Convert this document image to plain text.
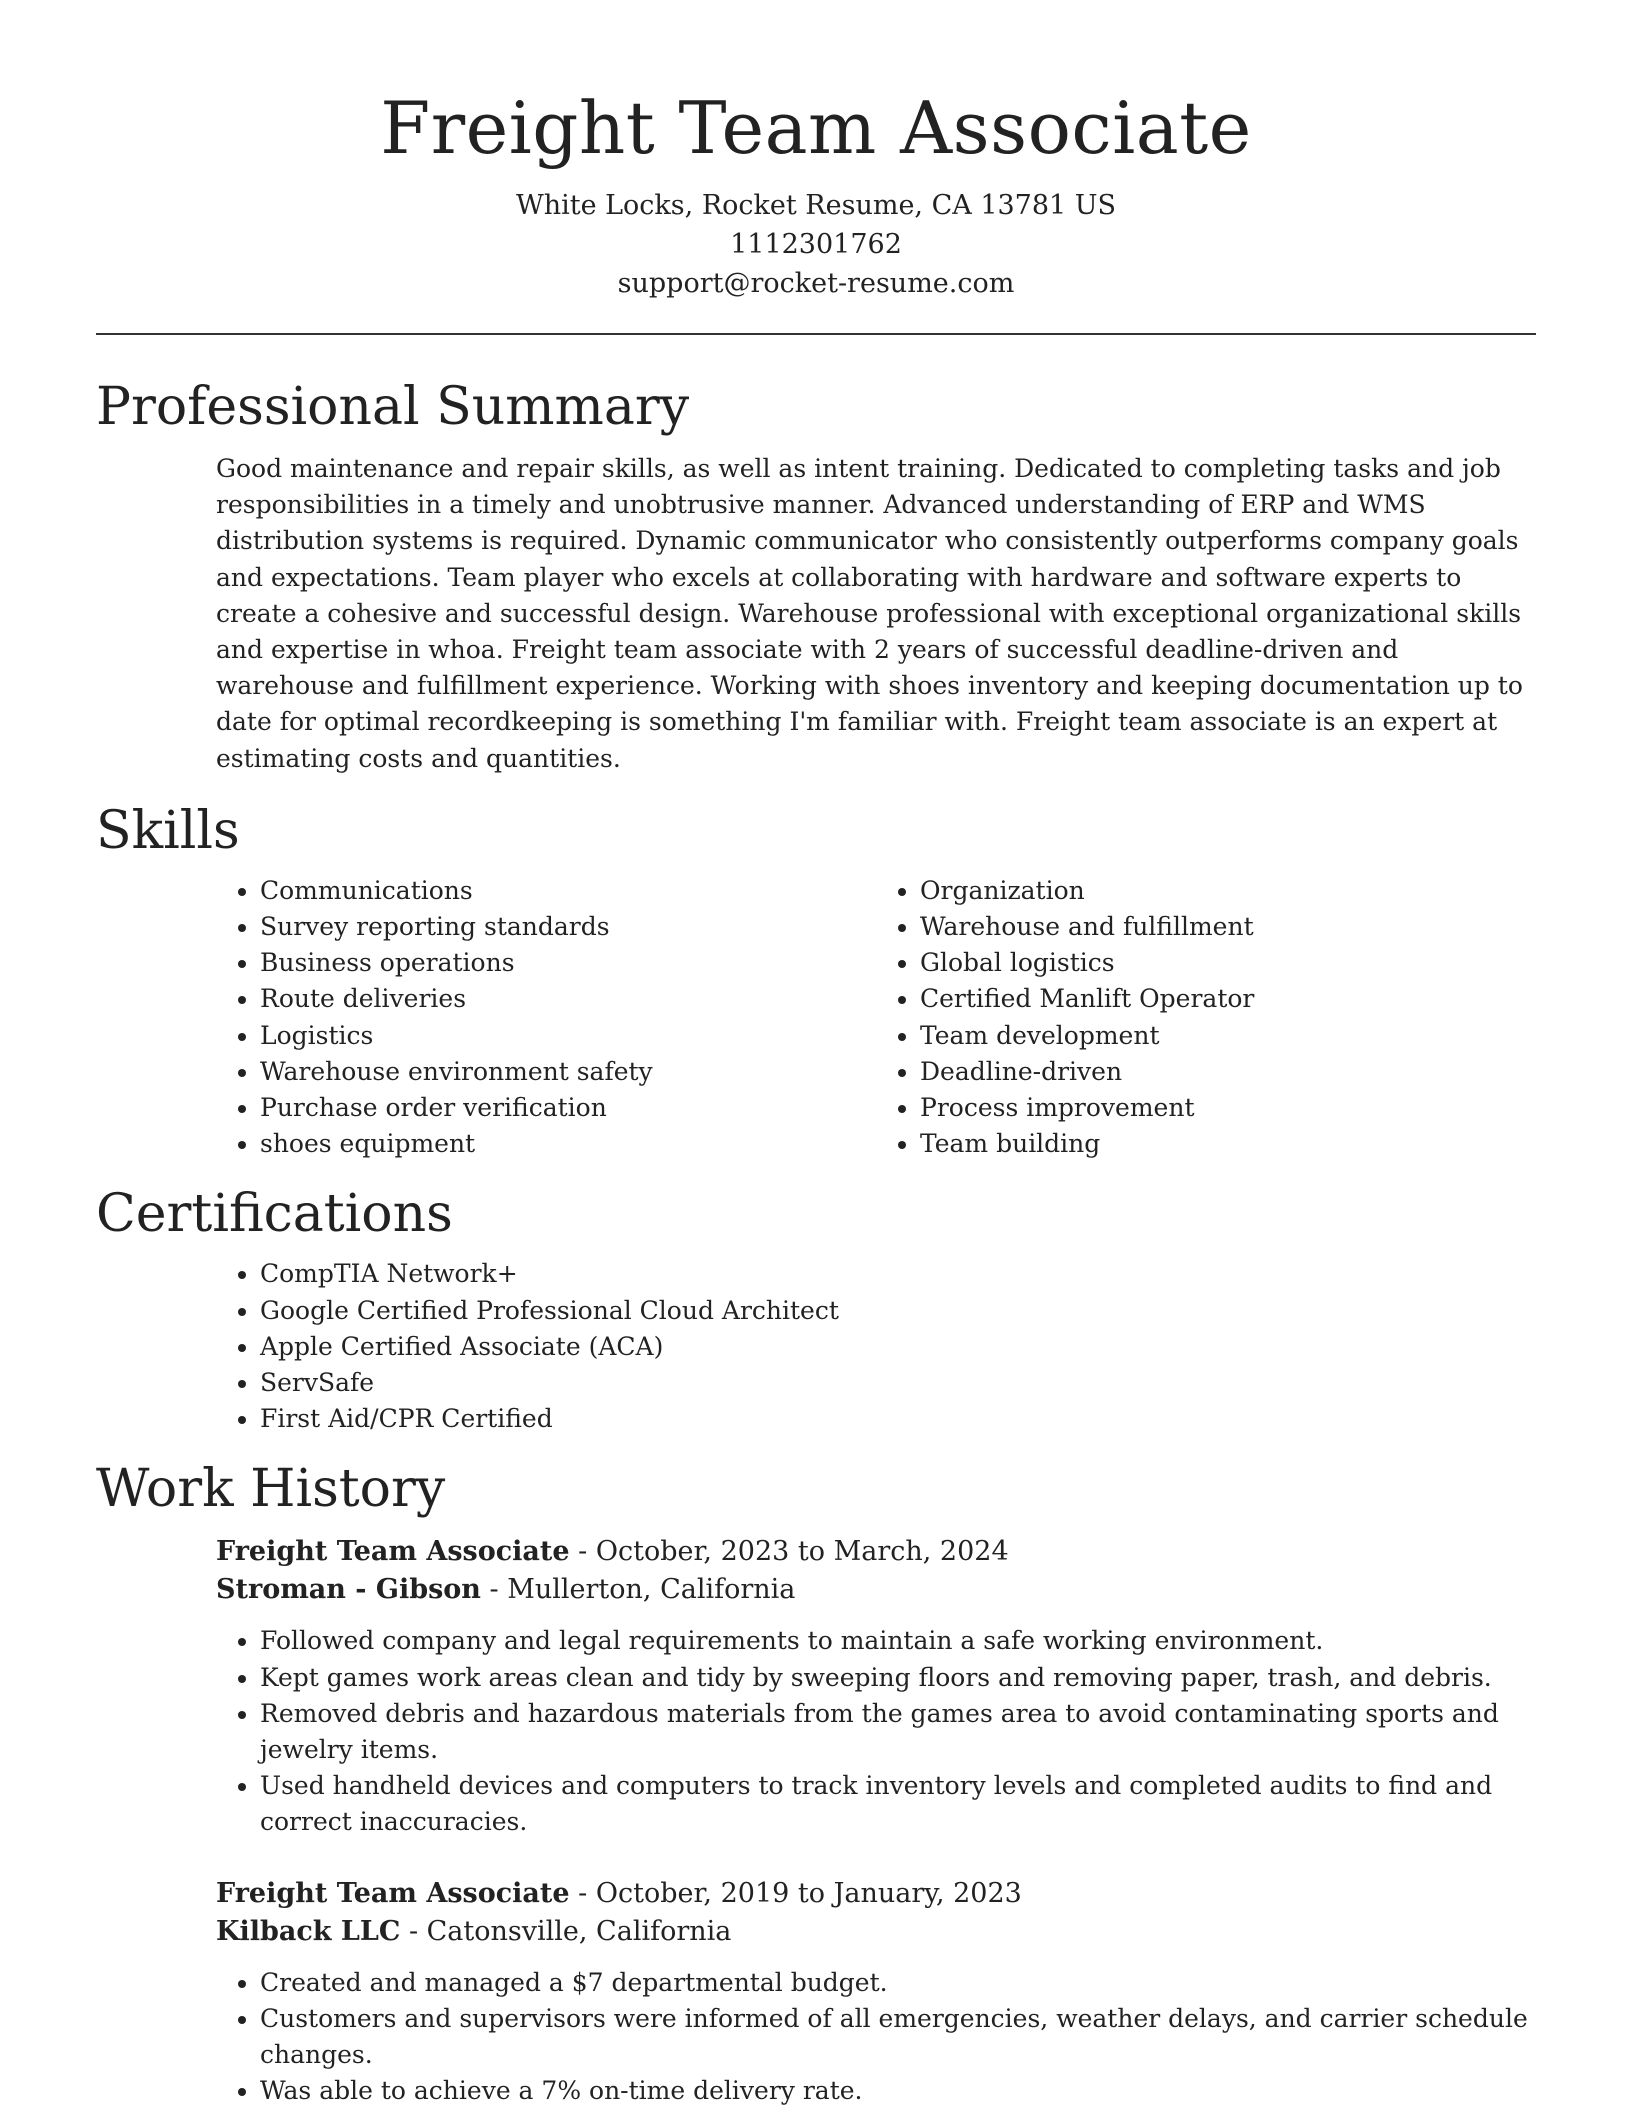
Freight Team Associate
White Locks, Rocket Resume, CA 13781 US
1112301762
support@rocket-resume.com
Professional Summary
Good maintenance and repair skills, as well as intent training. Dedicated to completing tasks and job responsibilities in a timely and unobtrusive manner. Advanced understanding of ERP and WMS distribution systems is required. Dynamic communicator who consistently outperforms company goals and expectations. Team player who excels at collaborating with hardware and software experts to create a cohesive and successful design. Warehouse professional with exceptional organizational skills and expertise in whoa. Freight team associate with 2 years of successful deadline-driven and warehouse and fulfillment experience. Working with shoes inventory and keeping documentation up to date for optimal recordkeeping is something I'm familiar with. Freight team associate is an expert at estimating costs and quantities.
Skills
• Communications
• Survey reporting standards
• Business operations
• Route deliveries
• Logistics
• Warehouse environment safety
• Purchase order verification
• shoes equipment
• Organization
• Warehouse and fulfillment
• Global logistics
• Certified Manlift Operator
• Team development
• Deadline-driven
• Process improvement
• Team building
Certifications
• CompTIA Network+
• Google Certified Professional Cloud Architect
• Apple Certified Associate (ACA)
• ServSafe
• First Aid/CPR Certified
Work History
Freight Team Associate - October, 2023 to March, 2024
Stroman - Gibson - Mullerton, California
• Followed company and legal requirements to maintain a safe working environment.
• Kept games work areas clean and tidy by sweeping floors and removing paper, trash, and debris.
• Removed debris and hazardous materials from the games area to avoid contaminating sports and jewelry items.
• Used handheld devices and computers to track inventory levels and completed audits to find and correct inaccuracies.
Freight Team Associate - October, 2019 to January, 2023
Kilback LLC - Catonsville, California
• Created and managed a $7 departmental budget.
• Customers and supervisors were informed of all emergencies, weather delays, and carrier schedule changes.
• Was able to achieve a 7% on-time delivery rate.
